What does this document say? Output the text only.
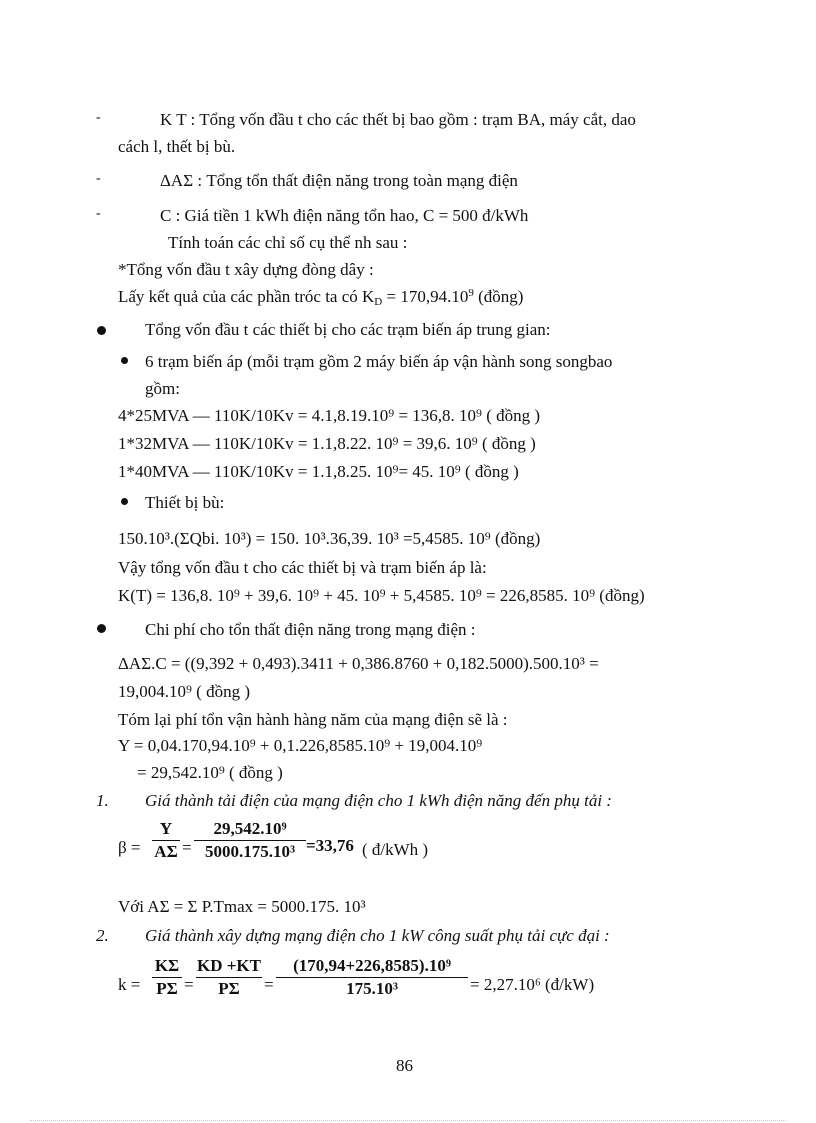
-	K T : Tổng vốn đầu t cho các thết bị bao gồm : trạm BA, máy cắt, dao
cách l, thết bị bù.
-	ΔAΣ : Tổng tổn thất điện năng trong toàn mạng điện
-	C : Giá tiền 1 kWh điện năng tổn hao, C = 500 đ/kWh
Tính toán các chỉ số cụ thể nh sau :
*Tổng vốn đầu t xây dựng đòng dây :
Lấy kết quả của các phần tróc ta có $K_D = 170,94.10^9$ (đồng)
Tổng vốn đầu t các thiết bị cho các trạm biến áp trung gian:
6 trạm biến áp (mỗi trạm gồm 2 máy biến áp vận hành song songbao
gồm:
4*25MVA — 110K/10Kv = 4.1,8.19.10⁹ = 136,8. 10⁹ ( đồng )
1*32MVA — 110K/10Kv = 1.1,8.22. 10⁹ = 39,6. 10⁹ ( đồng )
1*40MVA — 110K/10Kv = 1.1,8.25. 10⁹= 45. 10⁹ ( đồng )
Thiết bị bù:
150.10³.(ΣQbi. 10³) = 150. 10³.36,39. 10³ =5,4585. 10⁹ (đồng)
Vậy tổng vốn đầu t cho các thiết bị và trạm biến áp là:
K(T) = 136,8. 10⁹ + 39,6. 10⁹ + 45. 10⁹ + 5,4585. 10⁹ = 226,8585. 10⁹ (đồng)
Chi phí cho tổn thất điện năng trong mạng điện :
ΔAΣ.C = ((9,392 + 0,493).3411 + 0,386.8760 + 0,182.5000).500.10³ =
19,004.10⁹ ( đồng )
Tóm lại phí tổn vận hành hàng năm của mạng điện sẽ là :
Y = 0,04.170,94.10⁹ + 0,1.226,8585.10⁹ + 19,004.10⁹
= 29,542.10⁹ ( đồng )
1. Giá thành tải điện của mạng điện cho 1 kWh điện năng đến phụ tải :
β =
Y
AΣ =
29,542.10⁹
5000.175.10³ =33,76 ( đ/kWh )
Với AΣ = Σ P.Tmax = 5000.175. 10³
2. Giá thành xây dựng mạng điện cho 1 kW công suất phụ tải cực đại :
k =
KΣ
PΣ =
KD +KT
PΣ	=
(170,94+226,8585).10⁹
175.10³	= 2,27.10⁶ (đ/kW)
86
